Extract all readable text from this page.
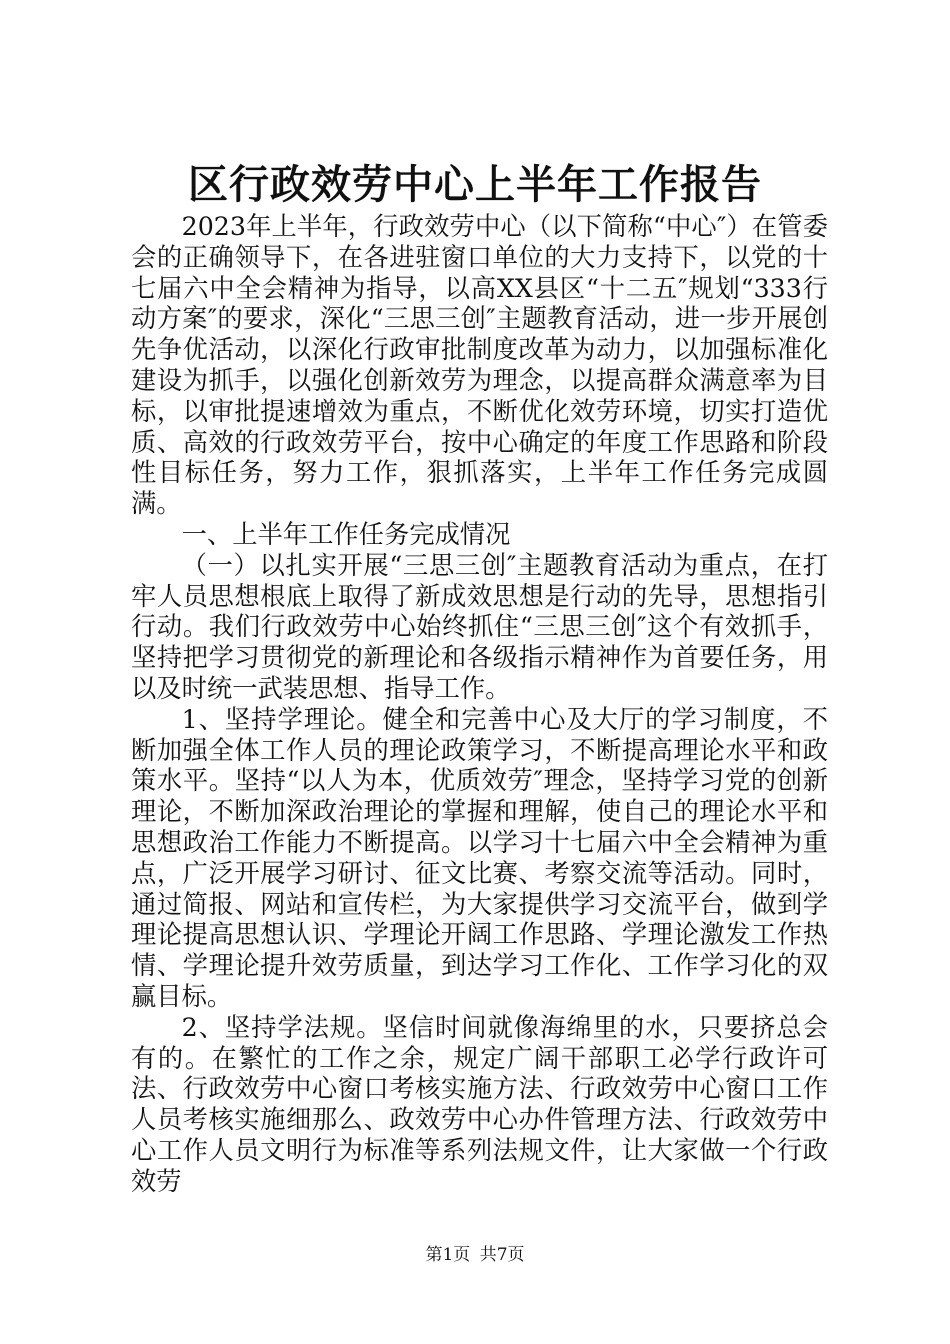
区行政效劳中心上半年工作报告

2023年上半年，行政效劳中心（以下简称“中心″）在管委会的正确领导下，在各进驻窗口单位的大力支持下，以党的十七届六中全会精神为指导，以高XX县区“十二五″规划“333行动方案″的要求，深化“三思三创″主题教育活动，进一步开展创先争优活动，以深化行政审批制度改革为动力，以加强标准化建设为抓手，以强化创新效劳为理念，以提高群众满意率为目标，以审批提速增效为重点，不断优化效劳环境，切实打造优质、高效的行政效劳平台，按中心确定的年度工作思路和阶段性目标任务，努力工作，狠抓落实，上半年工作任务完成圆满。

一、上半年工作任务完成情况

（一）以扎实开展“三思三创″主题教育活动为重点，在打牢人员思想根底上取得了新成效思想是行动的先导，思想指引行动。我们行政效劳中心始终抓住“三思三创″这个有效抓手，坚持把学习贯彻党的新理论和各级指示精神作为首要任务，用以及时统一武装思想、指导工作。

1、坚持学理论。健全和完善中心及大厅的学习制度，不断加强全体工作人员的理论政策学习，不断提高理论水平和政策水平。坚持“以人为本，优质效劳″理念，坚持学习党的创新理论，不断加深政治理论的掌握和理解，使自己的理论水平和思想政治工作能力不断提高。以学习十七届六中全会精神为重点，广泛开展学习研讨、征文比赛、考察交流等活动。同时，通过简报、网站和宣传栏，为大家提供学习交流平台，做到学理论提高思想认识、学理论开阔工作思路、学理论激发工作热情、学理论提升效劳质量，到达学习工作化、工作学习化的双赢目标。

2、坚持学法规。坚信时间就像海绵里的水，只要挤总会有的。在繁忙的工作之余，规定广阔干部职工必学行政许可法、行政效劳中心窗口考核实施方法、行政效劳中心窗口工作人员考核实施细那么、政效劳中心办件管理方法、行政效劳中心工作人员文明行为标准等系列法规文件，让大家做一个行政效劳

第1页 共7页
